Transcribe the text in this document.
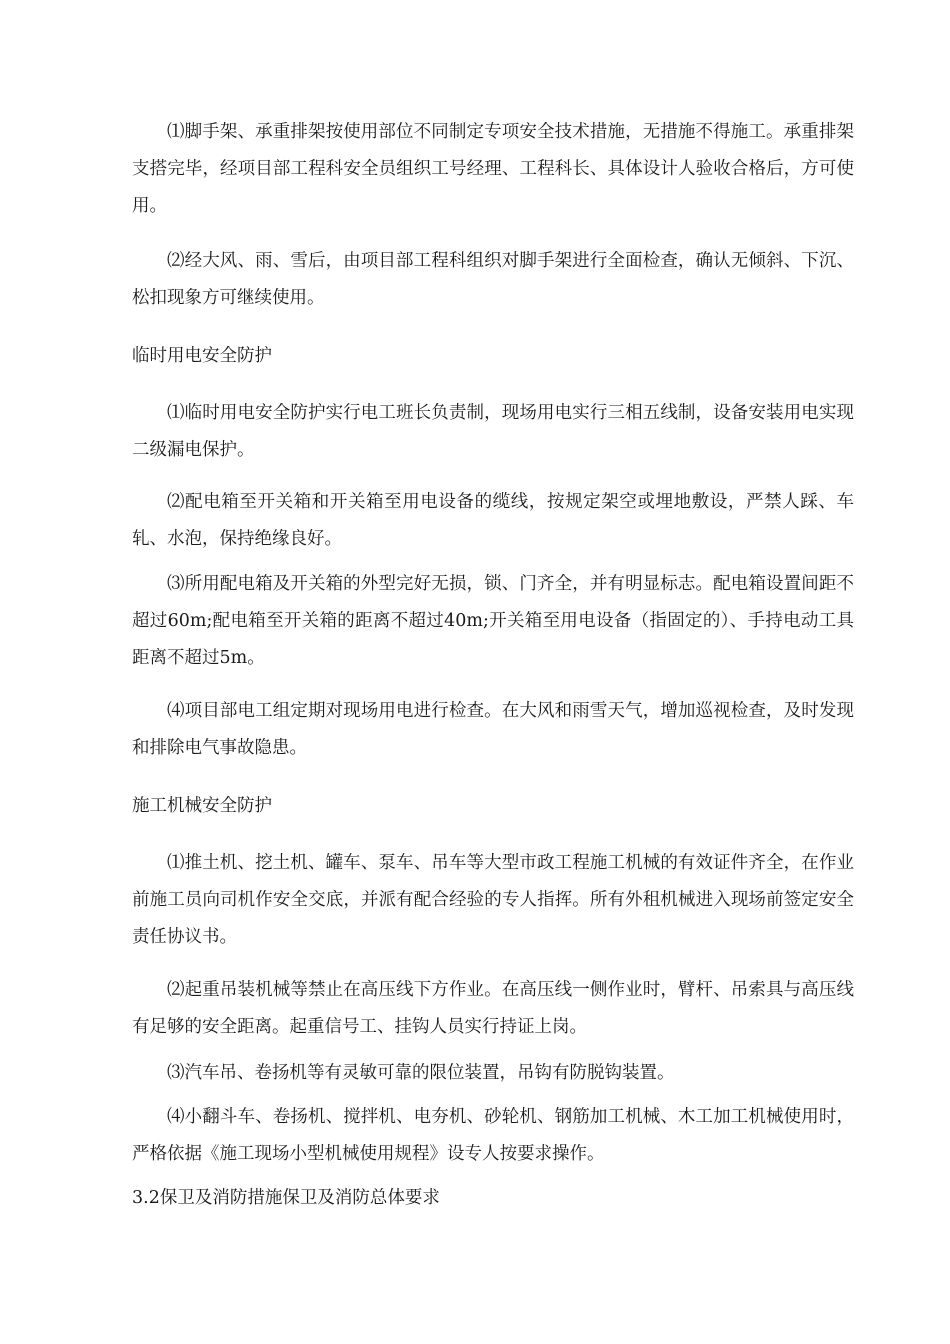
⑴脚手架、承重排架按使用部位不同制定专项安全技术措施，无措施不得施工。承重排架支搭完毕，经项目部工程科安全员组织工号经理、工程科长、具体设计人验收合格后，方可使用。

⑵经大风、雨、雪后，由项目部工程科组织对脚手架进行全面检查，确认无倾斜、下沉、松扣现象方可继续使用。

临时用电安全防护

⑴临时用电安全防护实行电工班长负责制，现场用电实行三相五线制，设备安装用电实现二级漏电保护。

⑵配电箱至开关箱和开关箱至用电设备的缆线，按规定架空或埋地敷设，严禁人踩、车轧、水泡，保持绝缘良好。

⑶所用配电箱及开关箱的外型完好无损，锁、门齐全，并有明显标志。配电箱设置间距不超过60m;配电箱至开关箱的距离不超过40m;开关箱至用电设备（指固定的）、手持电动工具距离不超过5m。

⑷项目部电工组定期对现场用电进行检查。在大风和雨雪天气，增加巡视检查，及时发现和排除电气事故隐患。

施工机械安全防护

⑴推土机、挖土机、罐车、泵车、吊车等大型市政工程施工机械的有效证件齐全，在作业前施工员向司机作安全交底，并派有配合经验的专人指挥。所有外租机械进入现场前签定安全责任协议书。

⑵起重吊装机械等禁止在高压线下方作业。在高压线一侧作业时，臂杆、吊索具与高压线有足够的安全距离。起重信号工、挂钩人员实行持证上岗。

⑶汽车吊、卷扬机等有灵敏可靠的限位装置，吊钩有防脱钩装置。

⑷小翻斗车、卷扬机、搅拌机、电夯机、砂轮机、钢筋加工机械、木工加工机械使用时，严格依据《施工现场小型机械使用规程》设专人按要求操作。

3.2保卫及消防措施保卫及消防总体要求
